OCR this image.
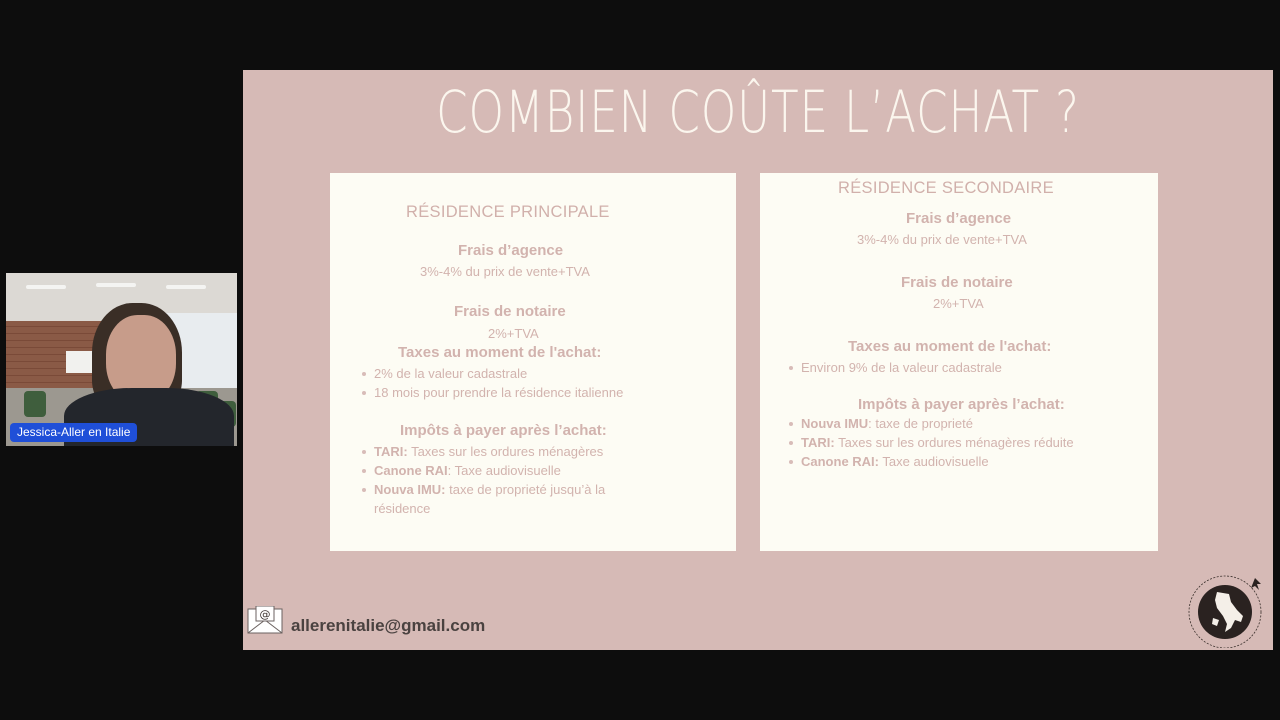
Jessica-Aller en Italie
COMBIEN COÛTE L’ACHAT ?
RÉSIDENCE PRINCIPALE
Frais d’agence
3%-4% du prix de vente+TVA
Frais de notaire
2%+TVA
Taxes au moment de l'achat:
2% de la valeur cadastrale
18 mois pour prendre la résidence italienne
Impôts à payer après l’achat:
TARI: Taxes sur les ordures ménagères
Canone RAI: Taxe audiovisuelle
Nouva IMU: taxe de proprieté jusqu’à la
résidence
RÉSIDENCE SECONDAIRE
Frais d’agence
3%-4% du prix de vente+TVA
Frais de notaire
2%+TVA
Taxes au moment de l'achat:
Environ 9% de la valeur cadastrale
Impôts à payer après l’achat:
Nouva IMU: taxe de proprieté
TARI: Taxes sur les ordures ménagères réduite
Canone RAI: Taxe audiovisuelle
@
allerenitalie@gmail.com
